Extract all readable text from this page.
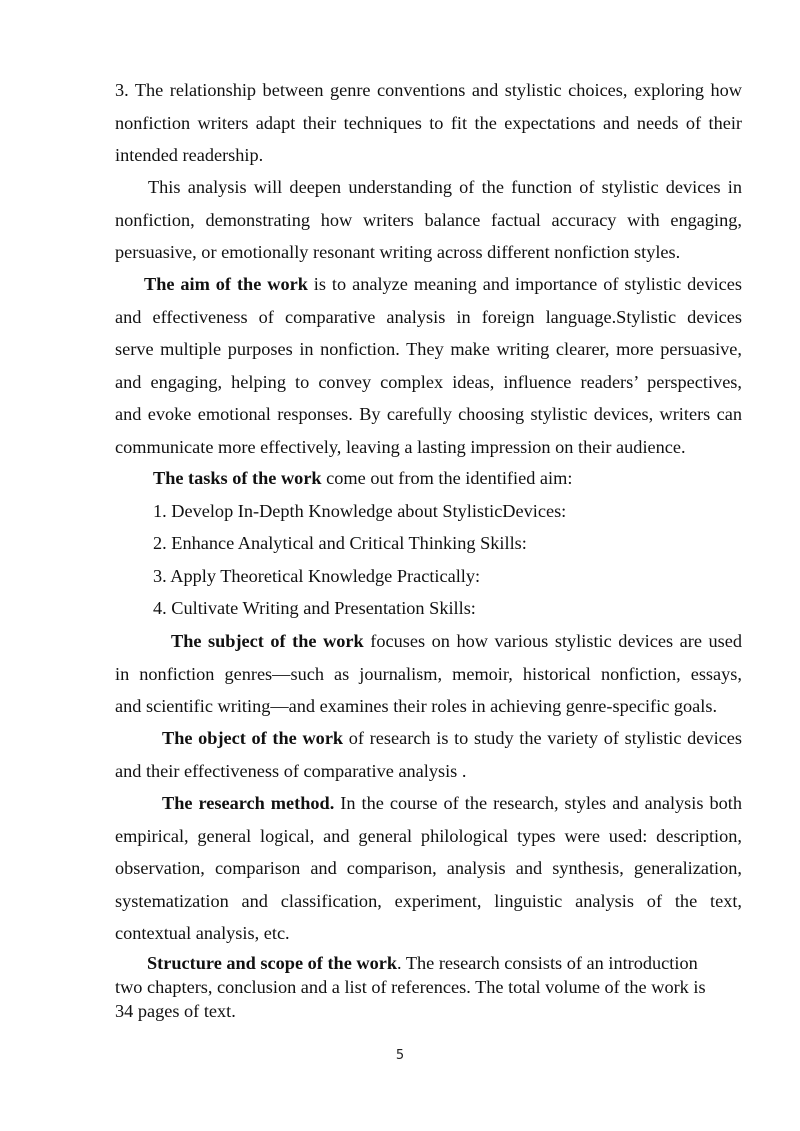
3. The relationship between genre conventions and stylistic choices, exploring how
nonfiction writers adapt their techniques to fit the expectations and needs of their
intended readership.
This analysis will deepen understanding of the function of stylistic devices in
nonfiction, demonstrating how writers balance factual accuracy with engaging,
persuasive, or emotionally resonant writing across different nonfiction styles.
The aim of the work is to analyze meaning and importance of stylistic devices
and effectiveness of comparative analysis in foreign language.Stylistic devices
serve multiple purposes in nonfiction. They make writing clearer, more persuasive,
and engaging, helping to convey complex ideas, influence readers’ perspectives,
and evoke emotional responses. By carefully choosing stylistic devices, writers can
communicate more effectively, leaving a lasting impression on their audience.
The tasks of the work come out from the identified aim:
1. Develop In-Depth Knowledge about StylisticDevices:
2. Enhance Analytical and Critical Thinking Skills:
3. Apply Theoretical Knowledge Practically:
4. Cultivate Writing and Presentation Skills:
The subject of the work focuses on how various stylistic devices are used
in nonfiction genres—such as journalism, memoir, historical nonfiction, essays,
and scientific writing—and examines their roles in achieving genre-specific goals.
The object of the work of research is to study the variety of stylistic devices
and their effectiveness of comparative analysis .
The research method. In the course of the research, styles and analysis both
empirical, general logical, and general philological types were used: description,
observation, comparison and comparison, analysis and synthesis, generalization,
systematization and classification, experiment, linguistic analysis of the text,
contextual analysis, etc.
Structure and scope of the work. The research consists of an introduction
two chapters, conclusion and a list of references. The total volume of the work is
34 pages of text.
5
